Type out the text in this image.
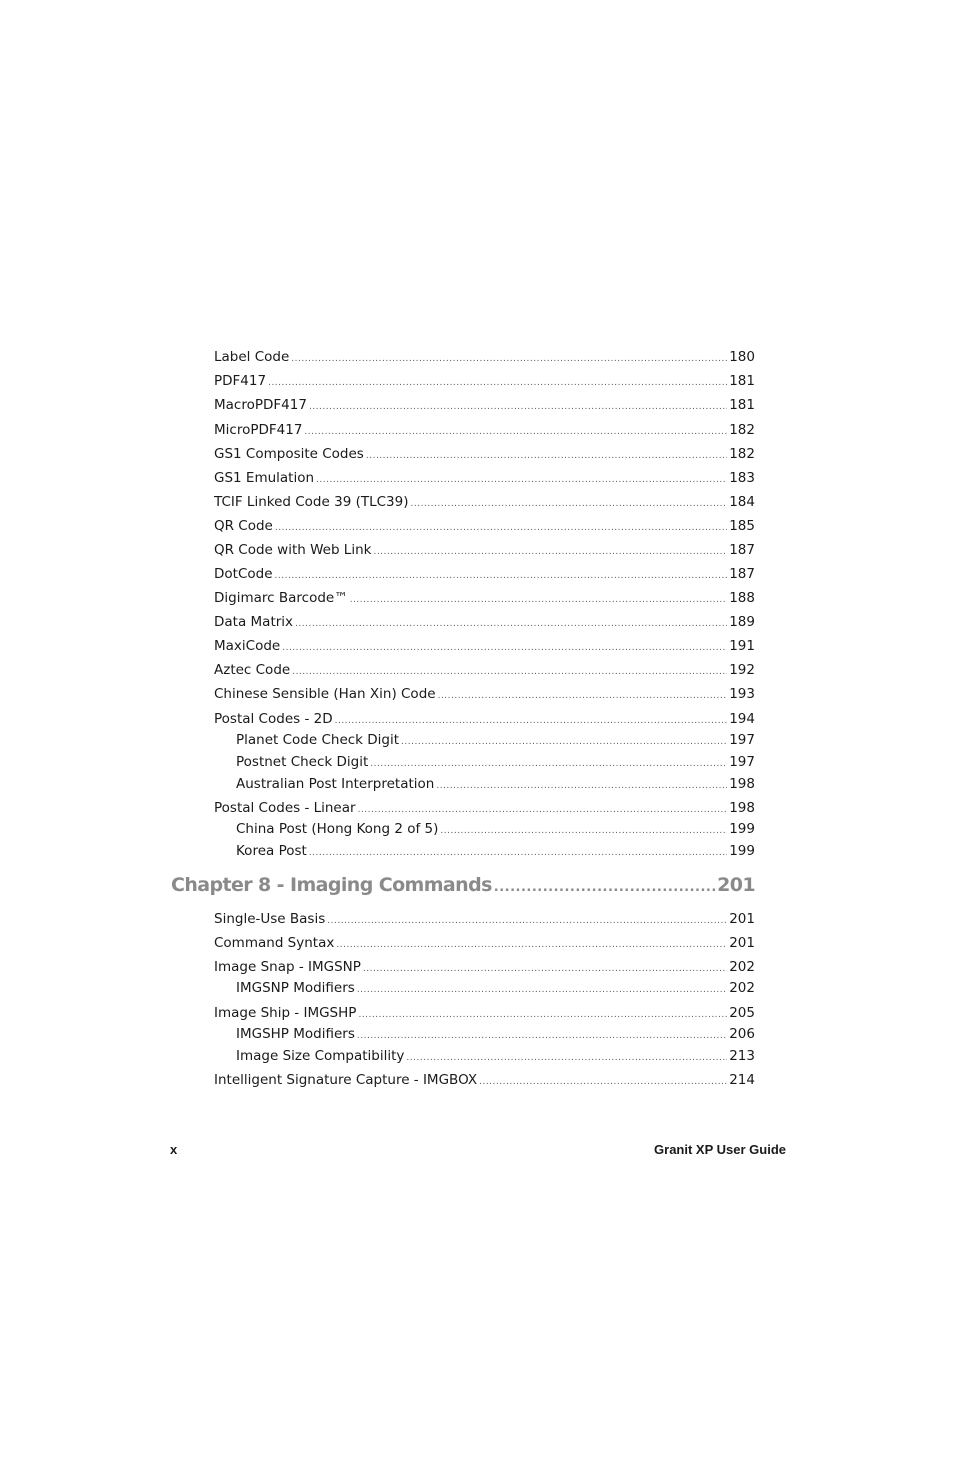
Label Code .....	180
PDF417 .....	181
MacroPDF417 .....	181
MicroPDF417 .....	182
GS1 Composite Codes .....	182
GS1 Emulation .....	183
TCIF Linked Code 39 (TLC39) .....	184
QR Code .....	185
QR Code with Web Link .....	187
DotCode .....	187
Digimarc Barcode™ .....	188
Data Matrix .....	189
MaxiCode .....	191
Aztec Code .....	192
Chinese Sensible (Han Xin) Code .....	193
Postal Codes - 2D .....	194
Planet Code Check Digit .....	197
Postnet Check Digit .....	197
Australian Post Interpretation .....	198
Postal Codes - Linear .....	198
China Post (Hong Kong 2 of 5) .....	199
Korea Post .....	199
Chapter 8 - Imaging Commands .....	201
Single-Use Basis .....	201
Command Syntax .....	201
Image Snap - IMGSNP .....	202
IMGSNP Modifiers .....	202
Image Ship - IMGSHP .....	205
IMGSHP Modifiers .....	206
Image Size Compatibility .....	213
Intelligent Signature Capture - IMGBOX .....	214
x	Granit XP User Guide
